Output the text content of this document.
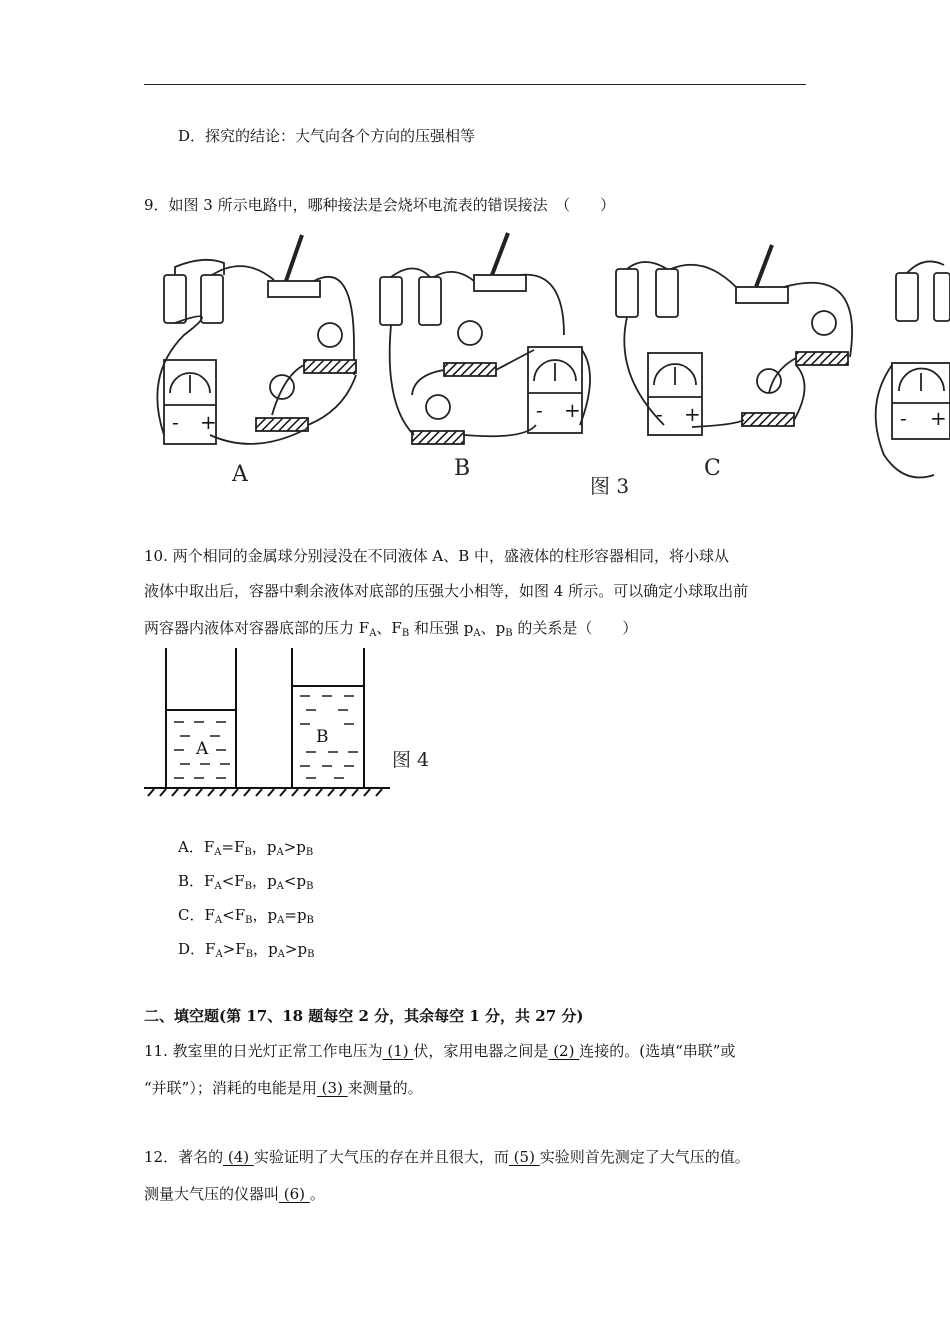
D．探究的结论：大气向各个方向的压强相等
9．如图 3 所示电路中，哪种接法是会烧坏电流表的错误接法　（　　）
- +	- +	- +	- +
A	B	C
图 3
10. 两个相同的金属球分别浸没在不同液体 A、B 中，盛液体的柱形容器相同，将小球从
液体中取出后，容器中剩余液体对底部的压强大小相等，如图 4 所示。可以确定小球取出前
两容器内液体对容器底部的压力 $F_A$、$F_B$ 和压强 $p_A$、$p_B$ 的关系是（　　）
A
B
图 4
A．$F_A=F_B$，$p_A>p_B$
B．$F_A<F_B$，$p_A<p_B$
C．$F_A<F_B$，$p_A=p_B$
D．$F_A>F_B$，$p_A>p_B$
二、填空题(第 17、18 题每空 2 分，其余每空 1 分，共 27 分)
11. 教室里的日光灯正常工作电压为 (1) 伏，家用电器之间是 (2) 连接的。(选填“串联”或
“并联”）；消耗的电能是用 (3) 来测量的。
12．著名的 (4) 实验证明了大气压的存在并且很大，而 (5) 实验则首先测定了大气压的值。
测量大气压的仪器叫 (6) 。
